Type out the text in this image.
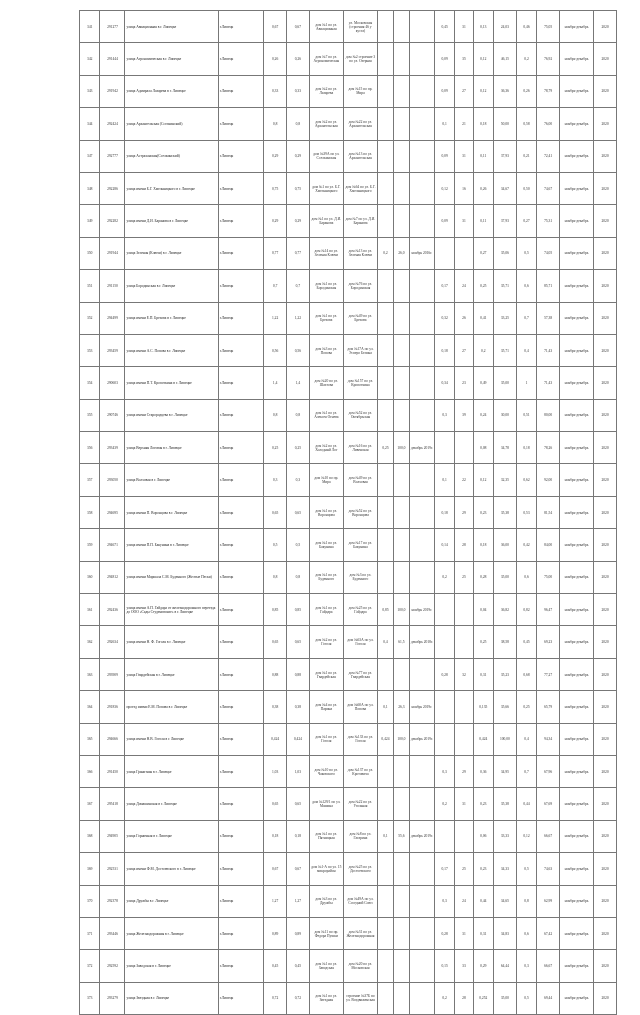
341	291277	улица Авиационная в г. Липецке	г.Липецк	0,67	0,67	дом №1 по ул. Авиационная	ул. Московская (строения 46 у куста)				0,45	31	0,13	24,03	0,46	75,05	ноябрь-декабрь	2020
342	291444	улица Агрономическая в г. Липецке	г.Липецк	0,26	0,26	дом №7 по ул. Агрономическая	дом №2 строение 3 по ул. Озерная				0,09	35	0,12	46,15	0,2	76,92	ноябрь-декабрь	2020
343	291942	улица Адмирала Лазарева в г. Липецке	г.Липецк	0,33	0,33	дом №2 по ул. Лазарева	дом №15 по пр. Мира				0,09	27	0,12	36,36	0,26	78,79	ноябрь-декабрь	2020
344	292424	улица Архангельская (Сселкинский)	г.Липецк	0,8	0,8	дом №2 по ул. Архангельская	дом №22 по ул. Архангельская				0,1	21	0,18	50,00	0,58	76,00	ноябрь-декабрь	2020
347	292777	улица Астраханская(Сселкинский)	г.Липецк	0,29	0,29	дом №39А по ул. Сселкинская	дом №13 по ул. Архангельская				0,09	31	0,11	37,93	0,21	72,41	ноябрь-декабрь	2020
348	292286	улица имени Б.Г. Хмельницкого в г. Липецке	г.Липецк	0,75	0,75	дом №1 по ул. Б.Г. Хмельницкого	дом №64 по ул. Б.Г. Хмельницкого				0,12	16	0,26	34,67	0,50	74,67	ноябрь-декабрь	2020
349	292282	улица имени Д.И. Баранова в г. Липецке	г.Липецк	0,29	0,29	дом №1 по ул. Д.И. Баранова	дом №7 по ул. Д.И. Баранова				0,09	31	0,11	37,93	0,27	75,31	ноябрь-декабрь	2020
350	291944	улица Зеленая (Ключи) в г. Липецке	г.Липецк	0,77	0,77	дом №14 по ул. Зеленая Ключи	дом №13 по ул. Зеленая Ключи	0,2	26,0	ноябрь 2016г.			0,27	35,06	0,5	74,05	ноябрь-декабрь	2020
351	291150	улица Бородинская в г. Липецке	г.Липецк	0,7	0,7	дом №1 по ул. Бородинская	дом №76 по ул. Бородинская				0,17	24	0,25	35,71	0,6	85,71	ноябрь-декабрь	2020
352	294499	улица имени Е.П. Брехова в г. Липецке	г.Липецк	1,22	1,22	дом №1 по ул. Брехова	дом №49 по ул. Брехова				0,32	26	0,41	33,25	0,7	57,38	ноябрь-декабрь	2020
353	293459	улица имени А.С. Попова в г. Липецке	г.Липецк	0,56	0,56	дом №3 по ул. Попова	дом №17А по ул. Эсперо Белина				0,18	27	0,2	35,71	0,4	71,43	ноябрь-декабрь	2020
354	290603	улица имени П.Т. Кропоткина в г. Липецке	г.Липецк	1,4	1,4	дом №20 по ул. Шахтова	дом №157 по ул. Кропоткина				0,34	23	0,49	35,00	1	71,43	ноябрь-декабрь	2020
355	290746	улица имени Старородцева в г. Липецке	г.Липецк	0,8	0,8	дом №1 по ул. Алексея Огнева	дом №52 по ул. Октябрьская				0,3	39	0,24	30,00	0,51	80,00	ноябрь-декабрь	2020
356	293439	улица Верхняя Логовая в г. Липецке	г.Липецк	0,25	0,25	дом №2 по ул. Холодный Лог	дом №16 по ул. Ливенская	0,25	100,0	декабрь 2019г.			0,08	34,78	0,18	78,26	ноябрь-декабрь	2020
357	293050	улица Волховая в г. Липецке	г.Липецк	0,3	0,3	дом №10 по пр. Мира	дом №49 по ул. Волховая				0,1	22	0,12	32,35	0,62	92,00	ноябрь-декабрь	2020
358	294695	улица имени П. Воронцова в г. Липецке	г.Липецк	0,65	0,65	дом №1 по ул. Воронцова	дом №52 по ул. Воронцова				0,18	29	0,23	35,38	0,53	81,54	ноябрь-декабрь	2020
359	294671	улица имени П.П. Бакунина в г. Липецке	г.Липецк	0,5	0,5	дом №1 по ул. Бакунина	дом №17 по ул. Бакунина				0,14	28	0,18	36,00	0,42	84,00	ноябрь-декабрь	2020
360	294812	улица имени Маршала С.М. Буденного (Желтые Пески)	г.Липецк	0,8	0,8	дом №1 по ул. Буденного	дом №3 по ул. Буденного				0,2	25	0,28	35,00	0,6	75,00	ноябрь-декабрь	2020
361	292436	улица имени А.П. Гайдара от железнодорожного переезда до ООО «Сады Студеновские» в г. Липецке	г.Липецк	0,85	0,85	дом №1 по ул. Гайдара	дом №25 по ул. Гайдара	0,85	100,0	ноябрь 2019г.			0,04	36,82	0,82	96,47	ноябрь-декабрь	2020
362	292634	улица имени Н. Ф. Гоголя в г. Липецке	г.Липецк	0,65	0,65	дом №2 по ул. Гоголя	дом №63А по ул. Гоголя	0,4	61,5	декабрь 2018г.			0,25	38,58	0,45	69,23	ноябрь-декабрь	2020
363	293909	улица Гвардейская в г. Липецке	г.Липецк	0,88	0,88	дом №1 по ул. Гвардейская	дом №77 по ул. Гвардейская				0,28	32	0,31	35,23	0,68	77,27	ноябрь-декабрь	2020
364	291836	проезд имени Е.М. Попова в г. Липецке	г.Липецк	0,38	0,38	дом №4 по ул. Парина	дом №60А по ул. Попова	0,1	26,3	ноябрь 2019г.			0,135	35,66	0,25	65,79	ноябрь-декабрь	2020
365	294666	улица имени Н.В. Гоголя в г. Липецке	г.Липецк	0,424	0,424	дом №1 по ул. Гоголя	дом №133 по ул. Гоголя	0,424	100,0	декабрь 2019г.			0,424	100,00	0,4	94,34	ноябрь-декабрь	2020
366	291450	улица Гранитная в г. Липецке	г.Липецк	1,03	1,03	дом №10 по ул. Чаковского	дом №137 по ул. Кротовича				0,3	29	0,36	34,95	0,7	67,96	ноябрь-декабрь	2020
367	295418	улица Домашинская в г. Липецке	г.Липецк	0,65	0,65	дом №129/1 по ул. Машина	дом №22 по ул. Угольная				0,2	31	0,23	35,38	0,44	67,69	ноябрь-декабрь	2020
368	294905	улица Горничная в г. Липецке	г.Липецк	0,18	0,18	дом №1 по ул. Пятницкая	дом №8 по ул. Гагарина	0,1	55,6	декабрь 2019г.			0,06	33,33	0,12	66,67	ноябрь-декабрь	2020
369	292531	улица имени Ф.М. Достоевского в г. Липецке	г.Липецк	0,67	0,67	дом №1-А по ул. 15 микрорайон	дом №25 по ул. Достоевского				0,17	25	0,23	34,33	0,5	74,63	ноябрь-декабрь	2020
370	292378	улица Дружбы в г. Липецке	г.Липецк	1,27	1,27	дом №3 по ул. Дружбы	дом №49А по ул. Соседний Союз				0,3	24	0,44	34,65	0,8	62,99	ноябрь-декабрь	2020
371	293446	улица Железнодорожная в г. Липецке	г.Липецк	0,89	0,89	дом №11 по пр. Федора Пушки	дом №31 по ул. Железнодорожная				0,28	31	0,31	34,83	0,6	67,42	ноябрь-декабрь	2020
372	292592	улица Заводская в г. Липецке	г.Липецк	0,45	0,45	дом №1 по ул. Заводская	дом №20 по ул. Московская				0,15	33	0,29	64,44	0,3	66,67	ноябрь-декабрь	2020
373	293279	улица Звездная в г. Липецке	г.Липецк	0,72	0,72	дом №1 по ул. Звездная	строение №37Б по ул. Воздвиженская				0,2	28	0,252	35,00	0,5	69,44	ноябрь-декабрь	2020
